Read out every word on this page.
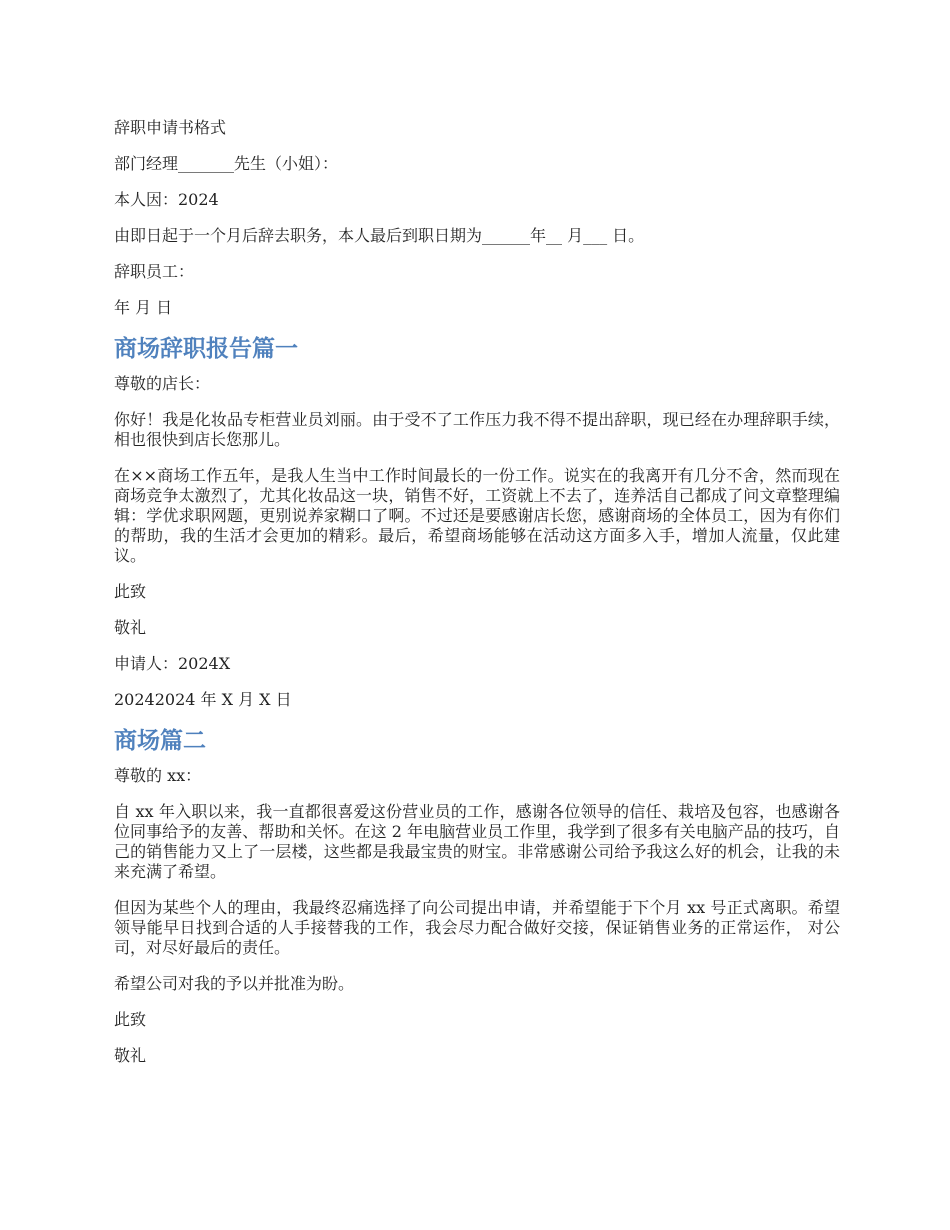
辞职申请书格式

部门经理_______先生（小姐）：

本人因：2024

由即日起于一个月后辞去职务，本人最后到职日期为______年__ 月___ 日。

辞职员工：

年 月 日

商场辞职报告篇一

尊敬的店长：

你好！我是化妆品专柜营业员刘丽。由于受不了工作压力我不得不提出辞职，现已经在办理辞职手续，相也很快到店长您那儿。

在××商场工作五年，是我人生当中工作时间最长的一份工作。说实在的我离开有几分不舍，然而现在商场竞争太激烈了，尤其化妆品这一块，销售不好，工资就上不去了，连养活自己都成了问文章整理编辑：学优求职网题，更别说养家糊口了啊。不过还是要感谢店长您，感谢商场的全体员工，因为有你们的帮助，我的生活才会更加的精彩。最后，希望商场能够在活动这方面多入手，增加人流量，仅此建议。

此致

敬礼

申请人：2024X

20242024 年 X 月 X 日

商场篇二

尊敬的 xx：

自 xx 年入职以来，我一直都很喜爱这份营业员的工作，感谢各位领导的信任、栽培及包容，也感谢各位同事给予的友善、帮助和关怀。在这 2 年电脑营业员工作里，我学到了很多有关电脑产品的技巧，自己的销售能力又上了一层楼，这些都是我最宝贵的财宝。非常感谢公司给予我这么好的机会，让我的未来充满了希望。

但因为某些个人的理由，我最终忍痛选择了向公司提出申请，并希望能于下个月 xx 号正式离职。希望领导能早日找到合适的人手接替我的工作，我会尽力配合做好交接，保证销售业务的正常运作， 对公司，对尽好最后的责任。

希望公司对我的予以并批准为盼。

此致

敬礼
